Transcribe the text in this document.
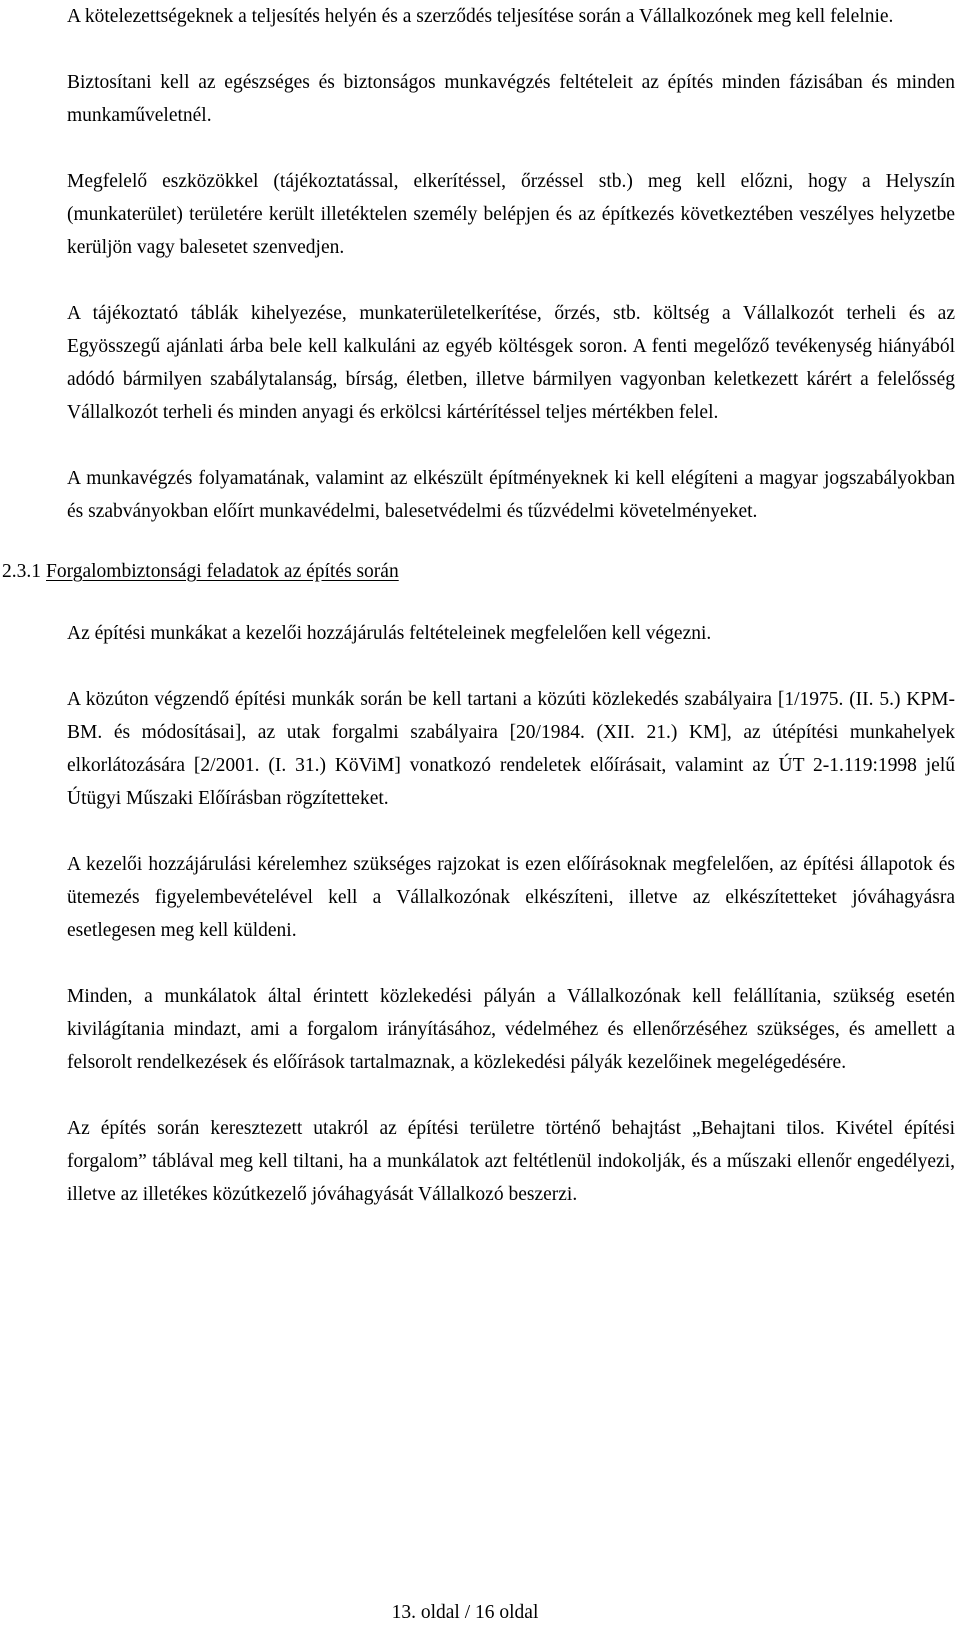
A kötelezettségeknek a teljesítés helyén és a szerződés teljesítése során a Vállalkozónek meg kell felelnie.

Biztosítani kell az egészséges és biztonságos munkavégzés feltételeit az építés minden fázisában és minden munkaműveletnél.

Megfelelő eszközökkel (tájékoztatással, elkerítéssel, őrzéssel stb.) meg kell előzni, hogy a Helyszín (munkaterület) területére került illetéktelen személy belépjen és az építkezés következtében veszélyes helyzetbe kerüljön vagy balesetet szenvedjen.

A tájékoztató táblák kihelyezése, munkaterületelkerítése, őrzés, stb. költség a Vállalkozót terheli és az Egyösszegű ajánlati árba bele kell kalkuláni az egyéb költésgek soron. A fenti megelőző tevékenység hiányából adódó bármilyen szabálytalanság, bírság, életben, illetve bármilyen vagyonban keletkezett kárért a felelősség Vállalkozót terheli és minden anyagi és erkölcsi kártérítéssel teljes mértékben felel.

A munkavégzés folyamatának, valamint az elkészült építményeknek ki kell elégíteni a magyar jogszabályokban és szabványokban előírt munkavédelmi, balesetvédelmi és tűzvédelmi követelményeket.

2.3.1 Forgalombiztonsági feladatok az építés során

Az építési munkákat a kezelői hozzájárulás feltételeinek megfelelően kell végezni.

A közúton végzendő építési munkák során be kell tartani a közúti közlekedés szabályaira [1/1975. (II. 5.) KPM-BM. és módosításai], az utak forgalmi szabályaira [20/1984. (XII. 21.) KM], az útépítési munkahelyek elkorlátozására [2/2001. (I. 31.) KöViM] vonatkozó rendeletek előírásait, valamint az ÚT 2-1.119:1998 jelű Útügyi Műszaki Előírásban rögzítetteket.

A kezelői hozzájárulási kérelemhez szükséges rajzokat is ezen előírásoknak megfelelően, az építési állapotok és ütemezés figyelembevételével kell a Vállalkozónak elkészíteni, illetve az elkészítetteket jóváhagyásra esetlegesen meg kell küldeni.

Minden, a munkálatok által érintett közlekedési pályán a Vállalkozónak kell felállítania, szükség esetén kivilágítania mindazt, ami a forgalom irányításához, védelméhez és ellenőrzéséhez szükséges, és amellett a felsorolt rendelkezések és előírások tartalmaznak, a közlekedési pályák kezelőinek megelégedésére.

Az építés során keresztezett utakról az építési területre történő behajtást „Behajtani tilos. Kivétel építési forgalom” táblával meg kell tiltani, ha a munkálatok azt feltétlenül indokolják, és a műszaki ellenőr engedélyezi, illetve az illetékes közútkezelő jóváhagyását Vállalkozó beszerzi.

13. oldal / 16 oldal
